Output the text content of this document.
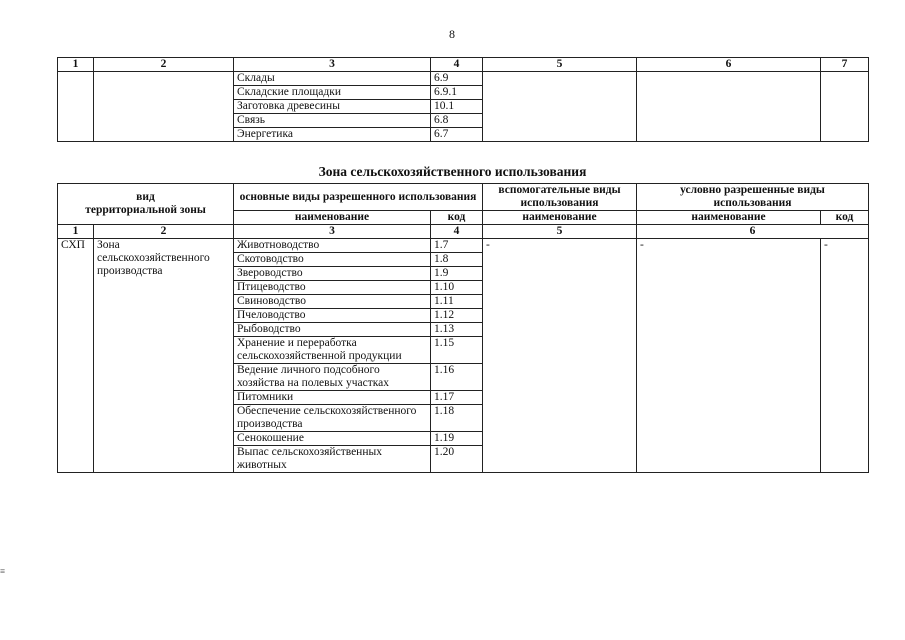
8
1	2	3	4	5	6	7
		Склады	6.9			
		Складские площадки	6.9.1			
		Заготовка древесины	10.1			
		Связь	6.8			
		Энергетика	6.7			
Зона сельскохозяйственного использования
вид
территориальной зоны		основные виды разрешенного использования		вспомогательные виды использования	условно разрешенные виды использования	
		наименование	код	наименование	наименование	код
1	2	3	4	5	6	
СХП	Зона сельскохозяйственного производства	Животноводство	1.7	-	-	-
		Скотоводство	1.8			
		Звероводство	1.9			
		Птицеводство	1.10			
		Свиноводство	1.11			
		Пчеловодство	1.12			
		Рыбоводство	1.13			
		Хранение и переработка сельскохозяйственной продукции	1.15			
		Ведение личного подсобного хозяйства на полевых участках	1.16			
		Питомники	1.17			
		Обеспечение сельскохозяйственного производства	1.18			
		Сенокошение	1.19			
		Выпас сельскохозяйственных животных	1.20			
≡
